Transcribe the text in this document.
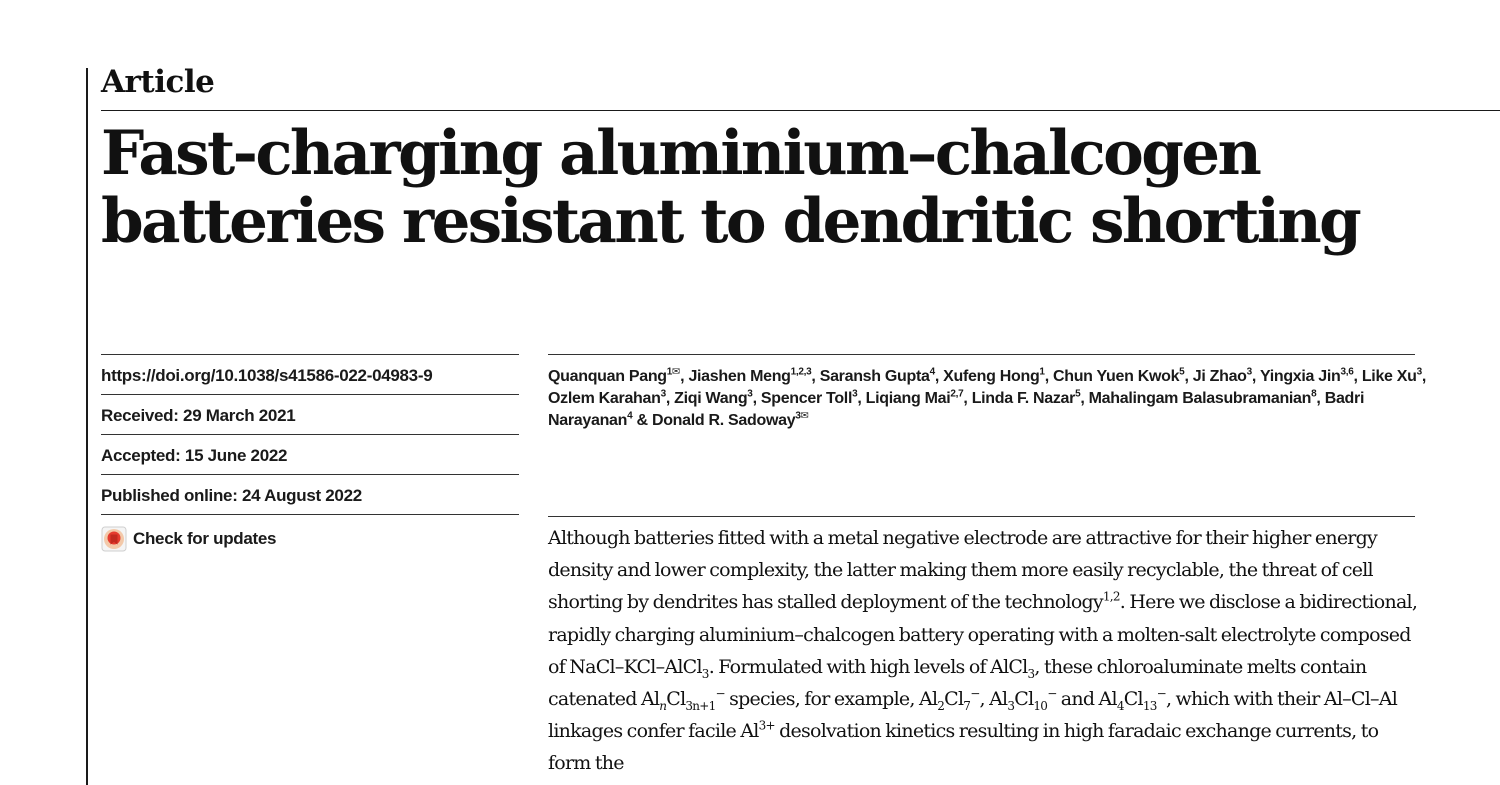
Article
Fast-charging aluminium–chalcogen batteries resistant to dendritic shorting
https://doi.org/10.1038/s41586-022-04983-9
Received: 29 March 2021
Accepted: 15 June 2022
Published online: 24 August 2022
Check for updates
Quanquan Pang$^{1✉}$, Jiashen Meng$^{1,2,3}$, Saransh Gupta$^4$, Xufeng Hong$^1$, Chun Yuen Kwok$^5$, Ji Zhao$^3$, Yingxia Jin$^{3,6}$, Like Xu$^3$, Ozlem Karahan$^3$, Ziqi Wang$^3$, Spencer Toll$^3$, Liqiang Mai$^{2,7}$, Linda F. Nazar$^5$, Mahalingam Balasubramanian$^8$, Badri Narayanan$^4$ & Donald R. Sadoway$^{3✉}$
Although batteries fitted with a metal negative electrode are attractive for their higher energy density and lower complexity, the latter making them more easily recyclable, the threat of cell shorting by dendrites has stalled deployment of the technology$^{1,2}$. Here we disclose a bidirectional, rapidly charging aluminium–chalcogen battery operating with a molten-salt electrolyte composed of NaCl–KCl–AlCl$_3$. Formulated with high levels of AlCl$_3$, these chloroaluminate melts contain catenated $Al_nCl_{3n+1}^-$ species, for example, $Al_2Cl_7^-$, $Al_3Cl_{10}^-$ and $Al_4Cl_{13}^-$, which with their Al–Cl–Al linkages confer facile $Al^{3+}$ desolvation kinetics resulting in high faradaic exchange currents, to form the
